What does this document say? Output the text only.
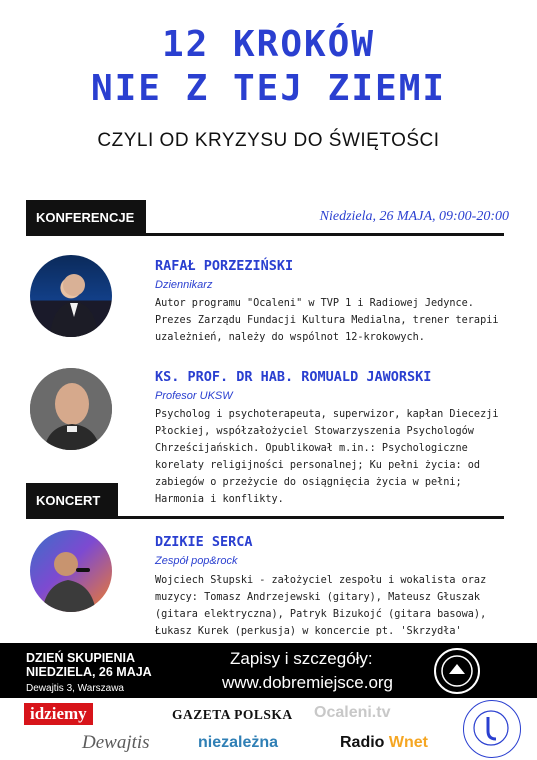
12 KROKÓW
NIE Z TEJ ZIEMI
CZYLI OD KRYZYSU DO ŚWIĘTOŚCI
KONFERENCJE	Niedziela, 26 MAJA, 09:00-20:00
RAFAŁ PORZEZIŃSKI
Dziennikarz
Autor programu "Ocaleni" w TVP 1 i Radiowej Jedynce. Prezes Zarządu Fundacji Kultura Medialna, trener terapii uzależnień, należy do wspólnot 12-krokowych.
KS. PROF. DR HAB. ROMUALD JAWORSKI
Profesor UKSW
Psycholog i psychoterapeuta, superwizor, kapłan Diecezji Płockiej, współzałożyciel Stowarzyszenia Psychologów Chrześcijańskich. Opublikował m.in.: Psychologiczne korelaty religijności personalnej; Ku pełni życia: od zabiegów o przeżycie do osiągnięcia życia w pełni; Harmonia i konflikty.
KONCERT
DZIKIE SERCA
Zespół pop&rock
Wojciech Słupski - założyciel zespołu i wokalista oraz muzycy: Tomasz Andrzejewski (gitary), Mateusz Głuszak (gitara elektryczna), Patryk Bizukojć (gitara basowa), Łukasz Kurek (perkusja) w koncercie pt. 'Skrzydła'
DZIEŃ SKUPIENIA
NIEDZIELA, 26 MAJA
Dewajtis 3, Warszawa
Zapisy i szczegóły:
www.dobremiejsce.org
idziemy	GAZETA POLSKA Ocaleni.tv
Dewajtis	niezależna	Radio Wnet
